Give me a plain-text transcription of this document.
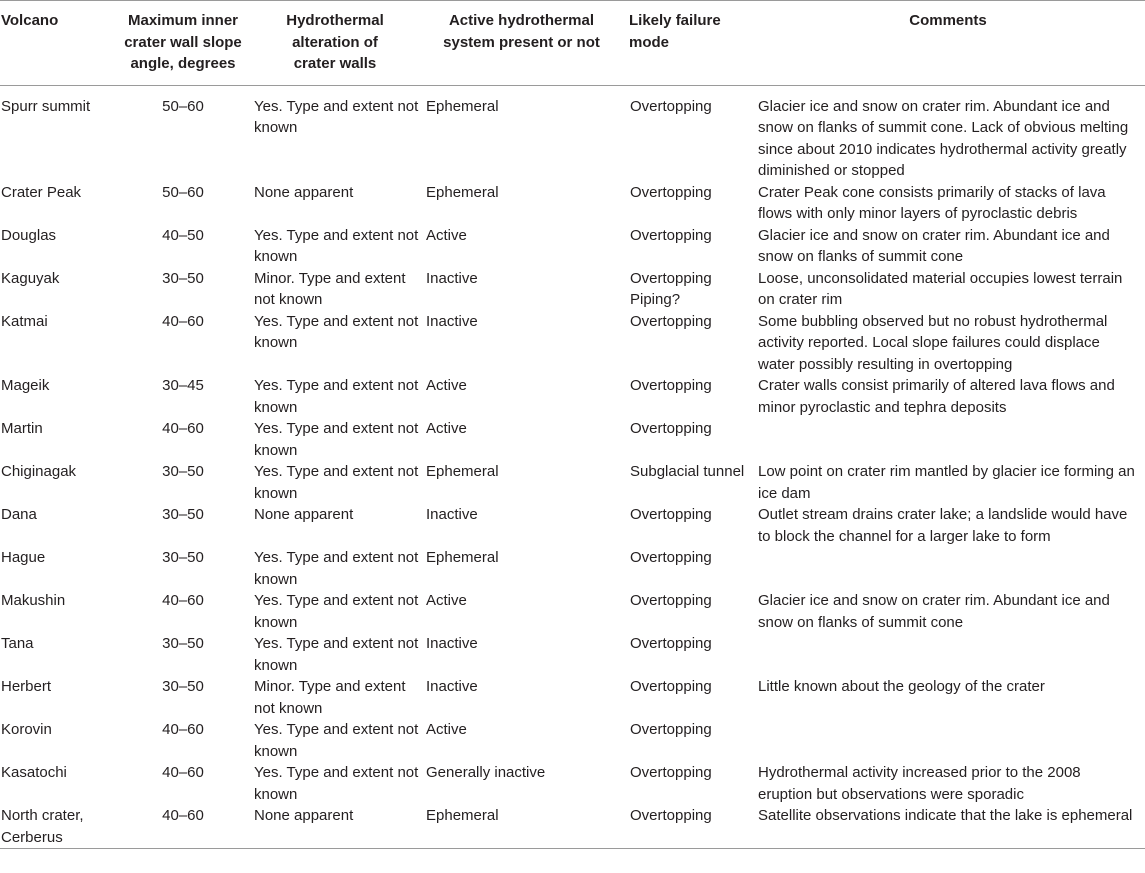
Volcano	Maximum inner crater wall slope angle, degrees	Hydrothermal alteration of crater walls	Active hydrothermal system present or not	Likely failure mode	Comments
Spurr summit	50–60	Yes. Type and extent not known	Ephemeral	Overtopping	Glacier ice and snow on crater rim. Abundant ice and snow on flanks of summit cone. Lack of obvious melting since about 2010 indicates hydrothermal activity greatly diminished or stopped
Crater Peak	50–60	None apparent	Ephemeral	Overtopping	Crater Peak cone consists primarily of stacks of lava flows with only minor layers of pyroclastic debris
Douglas	40–50	Yes. Type and extent not known	Active	Overtopping	Glacier ice and snow on crater rim. Abundant ice and snow on flanks of summit cone
Kaguyak	30–50	Minor. Type and extent not known	Inactive	Overtopping Piping?	Loose, unconsolidated material occupies lowest terrain on crater rim
Katmai	40–60	Yes. Type and extent not known	Inactive	Overtopping	Some bubbling observed but no robust hydrothermal activity reported. Local slope failures could displace water possibly resulting in overtopping
Mageik	30–45	Yes. Type and extent not known	Active	Overtopping	Crater walls consist primarily of altered lava flows and minor pyroclastic and tephra deposits
Martin	40–60	Yes. Type and extent not known	Active	Overtopping	
Chiginagak	30–50	Yes. Type and extent not known	Ephemeral	Subglacial tunnel	Low point on crater rim mantled by glacier ice forming an ice dam
Dana	30–50	None apparent	Inactive	Overtopping	Outlet stream drains crater lake; a landslide would have to block the channel for a larger lake to form
Hague	30–50	Yes. Type and extent not known	Ephemeral	Overtopping	
Makushin	40–60	Yes. Type and extent not known	Active	Overtopping	Glacier ice and snow on crater rim. Abundant ice and snow on flanks of summit cone
Tana	30–50	Yes. Type and extent not known	Inactive	Overtopping	
Herbert	30–50	Minor. Type and extent not known	Inactive	Overtopping	Little known about the geology of the crater
Korovin	40–60	Yes. Type and extent not known	Active	Overtopping	
Kasatochi	40–60	Yes. Type and extent not known	Generally inactive	Overtopping	Hydrothermal activity increased prior to the 2008 eruption but observations were sporadic
North crater, Cerberus	40–60	None apparent	Ephemeral	Overtopping	Satellite observations indicate that the lake is ephemeral
